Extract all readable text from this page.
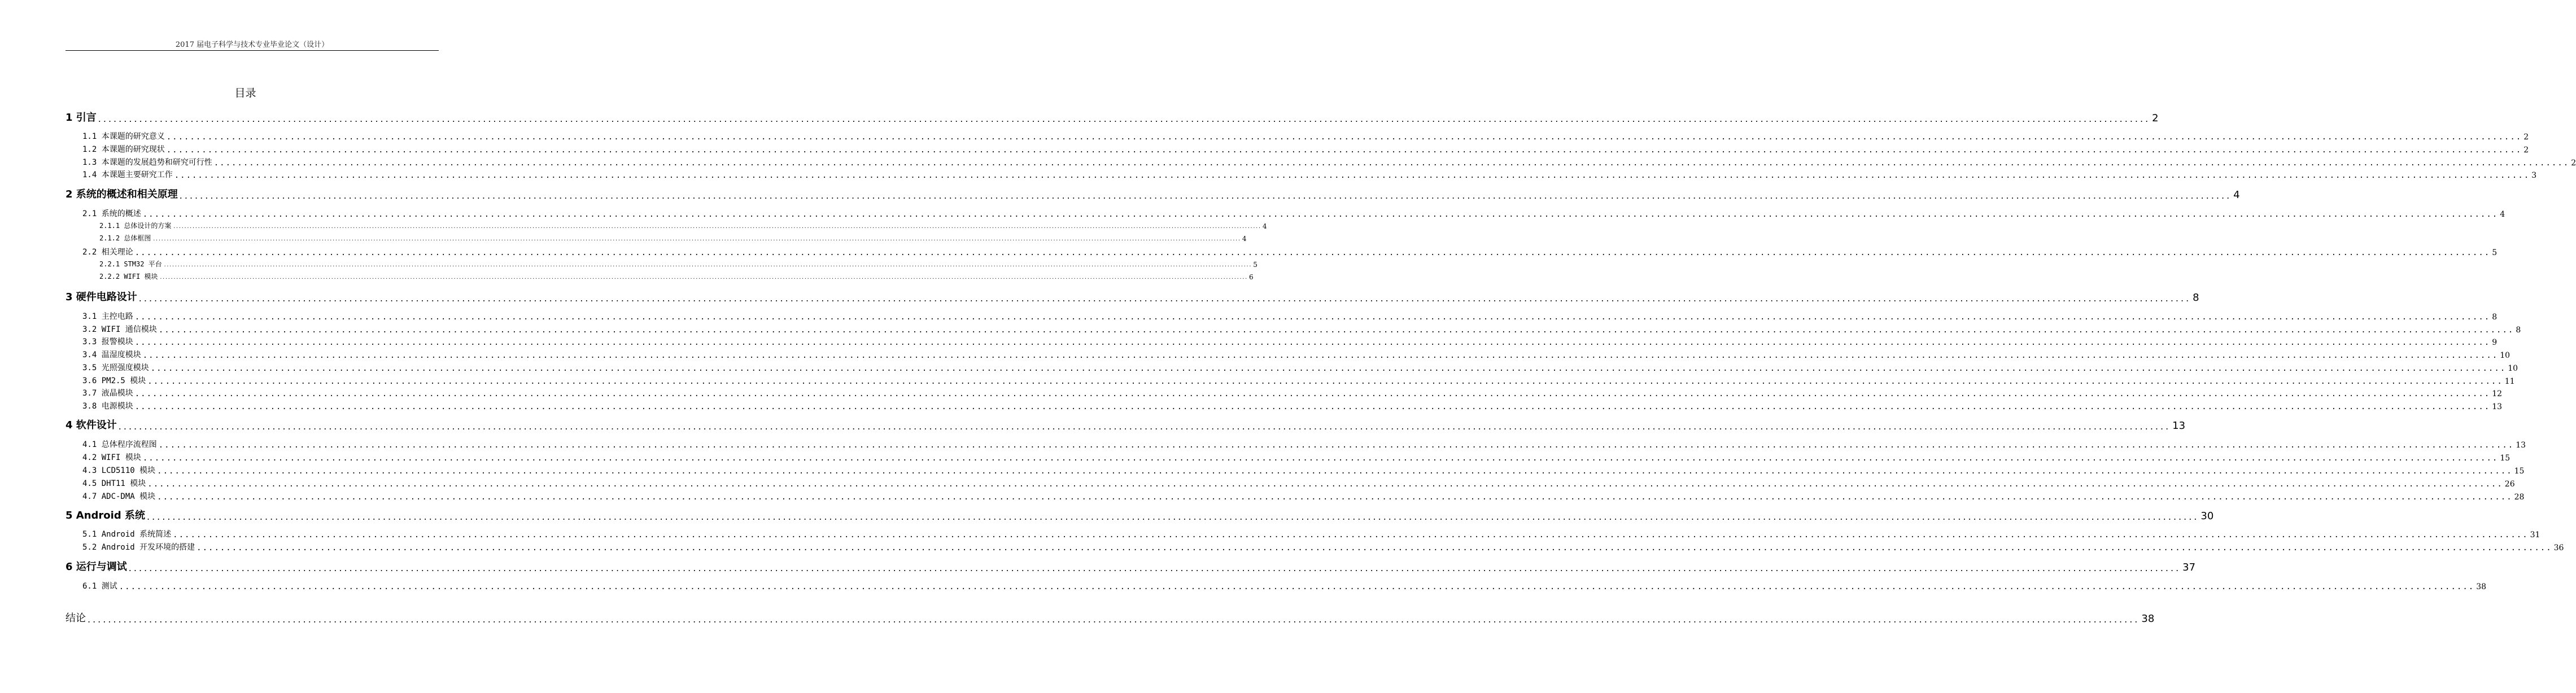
2017 届电子科学与技术专业毕业论文（设计）
目录
1 引言 ................................................................................................................................................................................................................................................................................................................................................................................................................ 2
1.1 本课题的研究意义 ................................................................................................................................................................................................................................................................................................................................................................................................................ 2
1.2 本课题的研究现状 ................................................................................................................................................................................................................................................................................................................................................................................................................ 2
1.3 本课题的发展趋势和研究可行性 ................................................................................................................................................................................................................................................................................................................................................................................................................ 2
1.4 本课题主要研究工作 ................................................................................................................................................................................................................................................................................................................................................................................................................ 3
2 系统的概述和相关原理 ................................................................................................................................................................................................................................................................................................................................................................................................................ 4
2.1 系统的概述 ................................................................................................................................................................................................................................................................................................................................................................................................................ 4
2.1.1 总体设计的方案 ................................................................................................................................................................................................................................................................................................................................................................................................................ 4
2.1.2 总体框图 ................................................................................................................................................................................................................................................................................................................................................................................................................ 4
2.2 相关理论 ................................................................................................................................................................................................................................................................................................................................................................................................................ 5
2.2.1 STM32 平台 ................................................................................................................................................................................................................................................................................................................................................................................................................ 5
2.2.2 WIFI 模块 ................................................................................................................................................................................................................................................................................................................................................................................................................ 6
3 硬件电路设计 ................................................................................................................................................................................................................................................................................................................................................................................................................ 8
3.1 主控电路 ................................................................................................................................................................................................................................................................................................................................................................................................................ 8
3.2 WIFI 通信模块 ................................................................................................................................................................................................................................................................................................................................................................................................................ 8
3.3 报警模块 ................................................................................................................................................................................................................................................................................................................................................................................................................ 9
3.4 温湿度模块 ................................................................................................................................................................................................................................................................................................................................................................................................................ 10
3.5 光照强度模块 ................................................................................................................................................................................................................................................................................................................................................................................................................ 10
3.6 PM2.5 模块 ................................................................................................................................................................................................................................................................................................................................................................................................................ 11
3.7 液晶模块 ................................................................................................................................................................................................................................................................................................................................................................................................................ 12
3.8 电源模块 ................................................................................................................................................................................................................................................................................................................................................................................................................ 13
4 软件设计 ................................................................................................................................................................................................................................................................................................................................................................................................................ 13
4.1 总体程序流程图 ................................................................................................................................................................................................................................................................................................................................................................................................................ 13
4.2 WIFI 模块 ................................................................................................................................................................................................................................................................................................................................................................................................................ 15
4.3 LCD5110 模块 ................................................................................................................................................................................................................................................................................................................................................................................................................ 15
4.5 DHT11 模块 ................................................................................................................................................................................................................................................................................................................................................................................................................ 26
4.7 ADC-DMA 模块 ................................................................................................................................................................................................................................................................................................................................................................................................................ 28
5 Android 系统 ................................................................................................................................................................................................................................................................................................................................................................................................................ 30
5.1 Android 系统简述 ................................................................................................................................................................................................................................................................................................................................................................................................................ 31
5.2 Android 开发环境的搭建 ................................................................................................................................................................................................................................................................................................................................................................................................................ 36
6 运行与调试 ................................................................................................................................................................................................................................................................................................................................................................................................................ 37
6.1 测试 ................................................................................................................................................................................................................................................................................................................................................................................................................ 38
结论 ................................................................................................................................................................................................................................................................................................................................................................................................................ 38
